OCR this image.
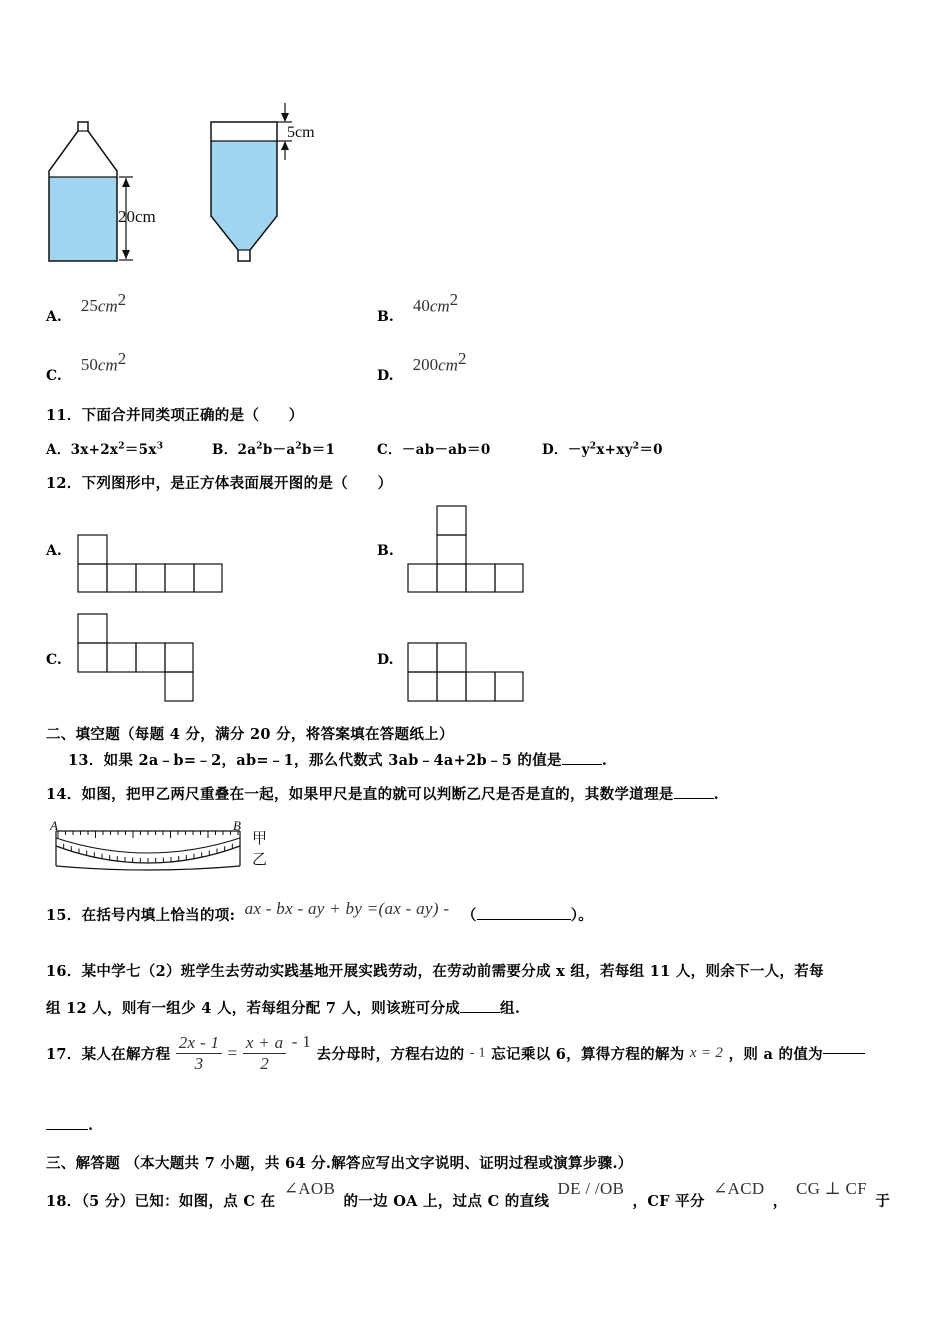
20cm
5cm
A. $25cm^2$
B. $40cm^2$
C. $50cm^2$
D. $200cm^2$
11．下面合并同类项正确的是（　　）
A．$3x+2x^2=5x^3$	B．$2a^2b-a^2b=1$	C．－ab－ab＝0	D．$-y^2x+xy^2=0$
12．下列图形中，是正方体表面展开图的是（　　）
A.	B.
C.	D.
二、填空题（每题 4 分，满分 20 分，将答案填在答题纸上）
13．如果 2a﹣b=﹣2，ab=﹣1，那么代数式 3ab﹣4a+2b﹣5 的值是	.
14．如图，把甲乙两尺重叠在一起，如果甲尺是直的就可以判断乙尺是否是直的，其数学道理是	.
A	B
甲
乙
15．在括号内填上恰当的项: ax - bx - ay + by =(ax - ay) - （	）。
16．某中学七（2）班学生去劳动实践基地开展实践劳动，在劳动前需要分成 x 组，若每组 11 人，则余下一人，若每
组 12 人，则有一组少 4 人，若每组分配 7 人，则该班可分成	组.
17．某人在解方程 $\frac{2x - 1}{3} = \frac{x + a}{2} - 1$ 去分母时，方程右边的 - 1 忘记乘以 6，算得方程的解为 x = 2 ，则 a 的值为
.
三、解答题 （本大题共 7 小题，共 64 分.解答应写出文字说明、证明过程或演算步骤.）
18．（5 分）已知：如图，点 C 在 ∠AOB 的一边 OA 上，过点 C 的直线 DE / /OB ，CF 平分 ∠ACD ， CG ⊥ CF 于
